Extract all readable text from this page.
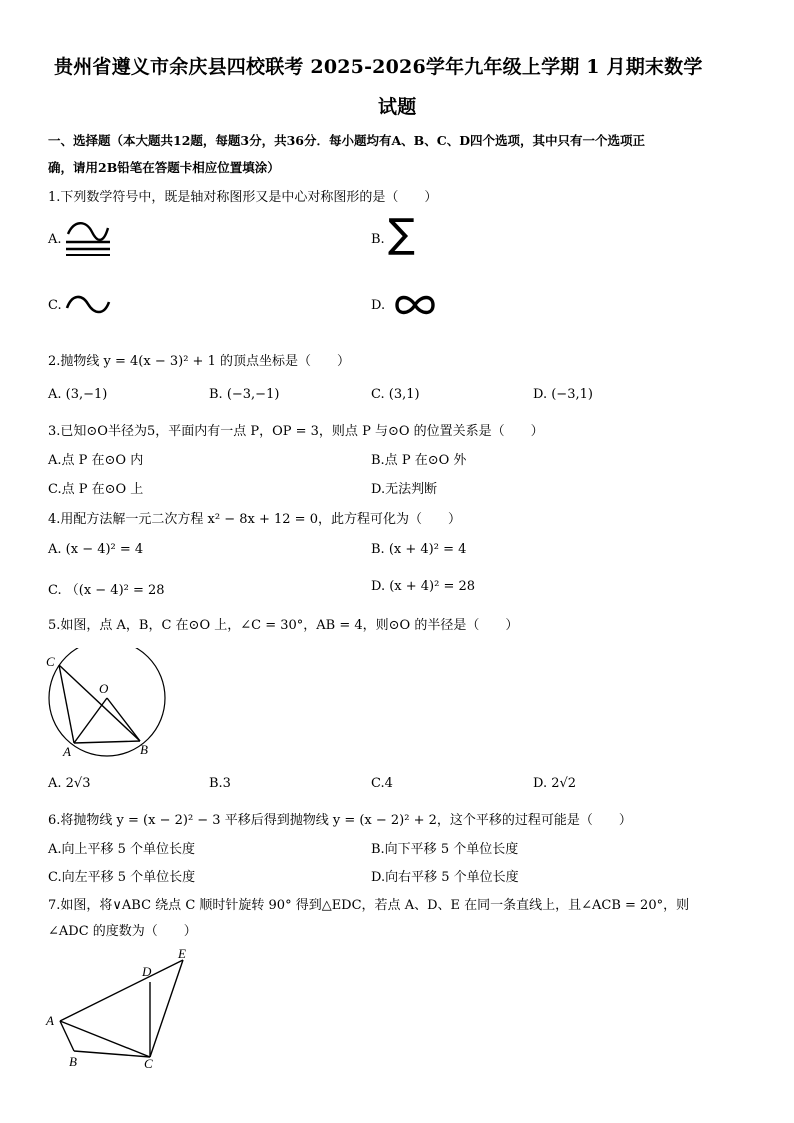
贵州省遵义市余庆县四校联考 2025-2026学年九年级上学期 1 月期末数学
试题
一、选择题（本大题共12题，每题3分，共36分．每小题均有A、B、C、D四个选项，其中只有一个选项正
确，请用2B铅笔在答题卡相应位置填涂）
1.下列数学符号中，既是轴对称图形又是中心对称图形的是（　　）
A.	B. ∑
C.	D.
2.抛物线 y = 4(x − 3)² + 1 的顶点坐标是（　　）
A. (3,−1)	B. (−3,−1)	C. (3,1)	D. (−3,1)
3.已知⊙O半径为5，平面内有一点 P，OP = 3，则点 P 与⊙O 的位置关系是（　　）
A.点 P 在⊙O 内	B.点 P 在⊙O 外
C.点 P 在⊙O 上	D.无法判断
4.用配方法解一元二次方程 x² − 8x + 12 = 0，此方程可化为（　　）
A. (x − 4)² = 4	B. (x + 4)² = 4
C. （(x − 4)² = 28	D. (x + 4)² = 28
5.如图，点 A，B，C 在⊙O 上，∠C = 30°，AB = 4，则⊙O 的半径是（　　）
C
O
A	B
A. 2√3	B.3	C.4	D. 2√2
6.将抛物线 y = (x − 2)² − 3 平移后得到抛物线 y = (x − 2)² + 2，这个平移的过程可能是（　　）
A.向上平移 5 个单位长度	B.向下平移 5 个单位长度
C.向左平移 5 个单位长度	D.向右平移 5 个单位长度
7.如图，将∨ABC 绕点 C 顺时针旋转 90° 得到△EDC，若点 A、D、E 在同一条直线上，且∠ACB = 20°，则
∠ADC 的度数为（　　）
A
B	C
D
E
